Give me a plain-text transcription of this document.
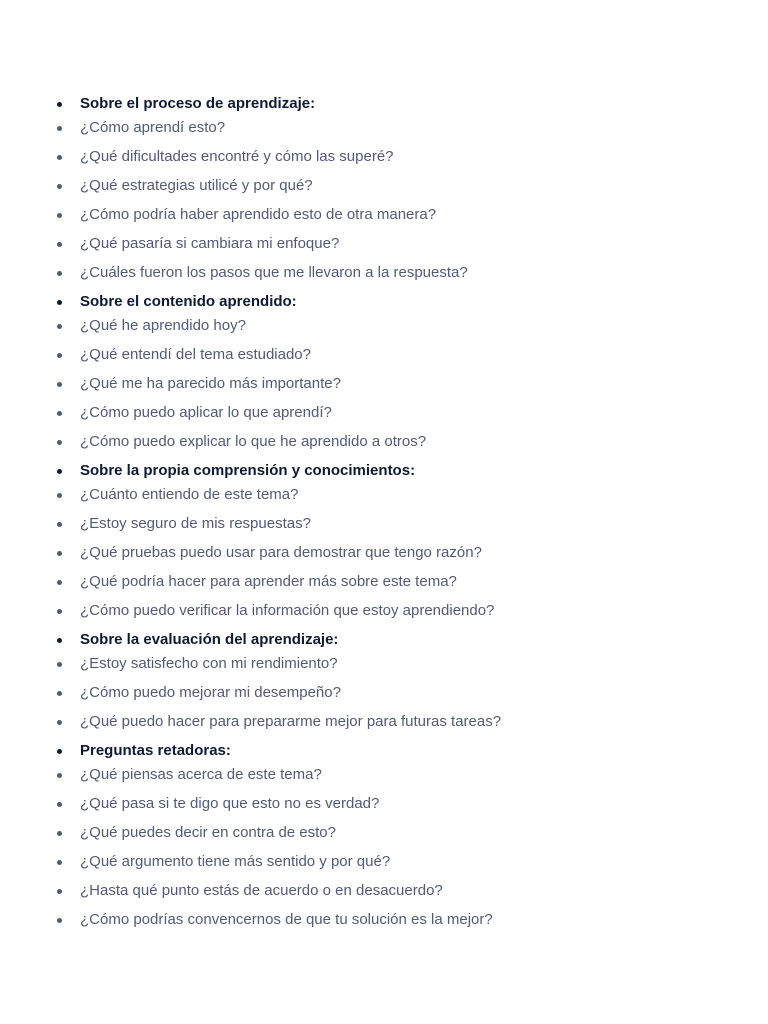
Sobre el proceso de aprendizaje:
¿Cómo aprendí esto?
¿Qué dificultades encontré y cómo las superé?
¿Qué estrategias utilicé y por qué?
¿Cómo podría haber aprendido esto de otra manera?
¿Qué pasaría si cambiara mi enfoque?
¿Cuáles fueron los pasos que me llevaron a la respuesta?
Sobre el contenido aprendido:
¿Qué he aprendido hoy?
¿Qué entendí del tema estudiado?
¿Qué me ha parecido más importante?
¿Cómo puedo aplicar lo que aprendí?
¿Cómo puedo explicar lo que he aprendido a otros?
Sobre la propia comprensión y conocimientos:
¿Cuánto entiendo de este tema?
¿Estoy seguro de mis respuestas?
¿Qué pruebas puedo usar para demostrar que tengo razón?
¿Qué podría hacer para aprender más sobre este tema?
¿Cómo puedo verificar la información que estoy aprendiendo?
Sobre la evaluación del aprendizaje:
¿Estoy satisfecho con mi rendimiento?
¿Cómo puedo mejorar mi desempeño?
¿Qué puedo hacer para prepararme mejor para futuras tareas?
Preguntas retadoras:
¿Qué piensas acerca de este tema?
¿Qué pasa si te digo que esto no es verdad?
¿Qué puedes decir en contra de esto?
¿Qué argumento tiene más sentido y por qué?
¿Hasta qué punto estás de acuerdo o en desacuerdo?
¿Cómo podrías convencernos de que tu solución es la mejor?
